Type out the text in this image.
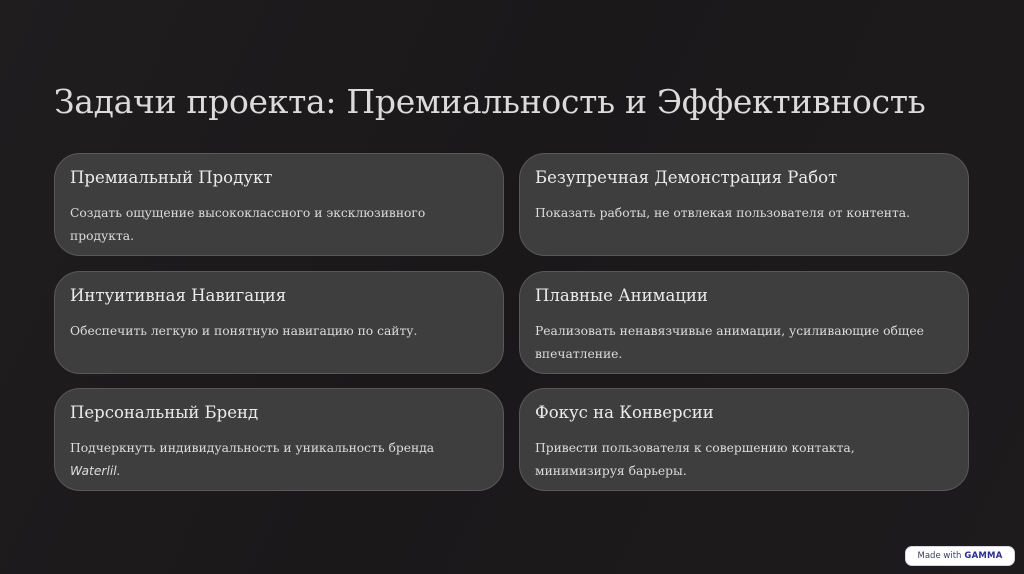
Задачи проекта: Премиальность и Эффективность
Премиальный Продукт
Создать ощущение высококлассного и эксклюзивного продукта.
Безупречная Демонстрация Работ
Показать работы, не отвлекая пользователя от контента.
Интуитивная Навигация
Обеспечить легкую и понятную навигацию по сайту.
Плавные Анимации
Реализовать ненавязчивые анимации, усиливающие общее впечатление.
Персональный Бренд
Подчеркнуть индивидуальность и уникальность бренда Waterlil.
Фокус на Конверсии
Привести пользователя к совершению контакта, минимизируя барьеры.
Made with GAMMA
